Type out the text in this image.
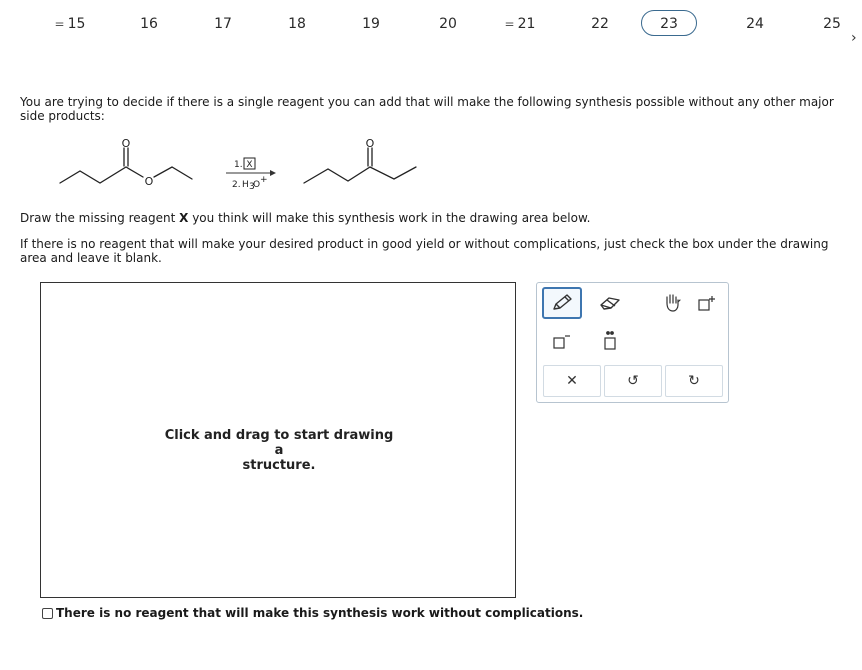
= 15	16	17	18	19	20	= 21	22	23	24	25
›
You are trying to decide if there is a single reagent you can add that will make the following synthesis possible without any other major
side products:
O
O
1. X
2. H 3
O +
O
Draw the missing reagent X you think will make this synthesis work in the drawing area below.
If there is no reagent that will make your desired product in good yield or without complications, just check the box under the drawing
area and leave it blank.
Click and drag to start drawing a
structure.
✕	↺	↻
There is no reagent that will make this synthesis work without complications.
